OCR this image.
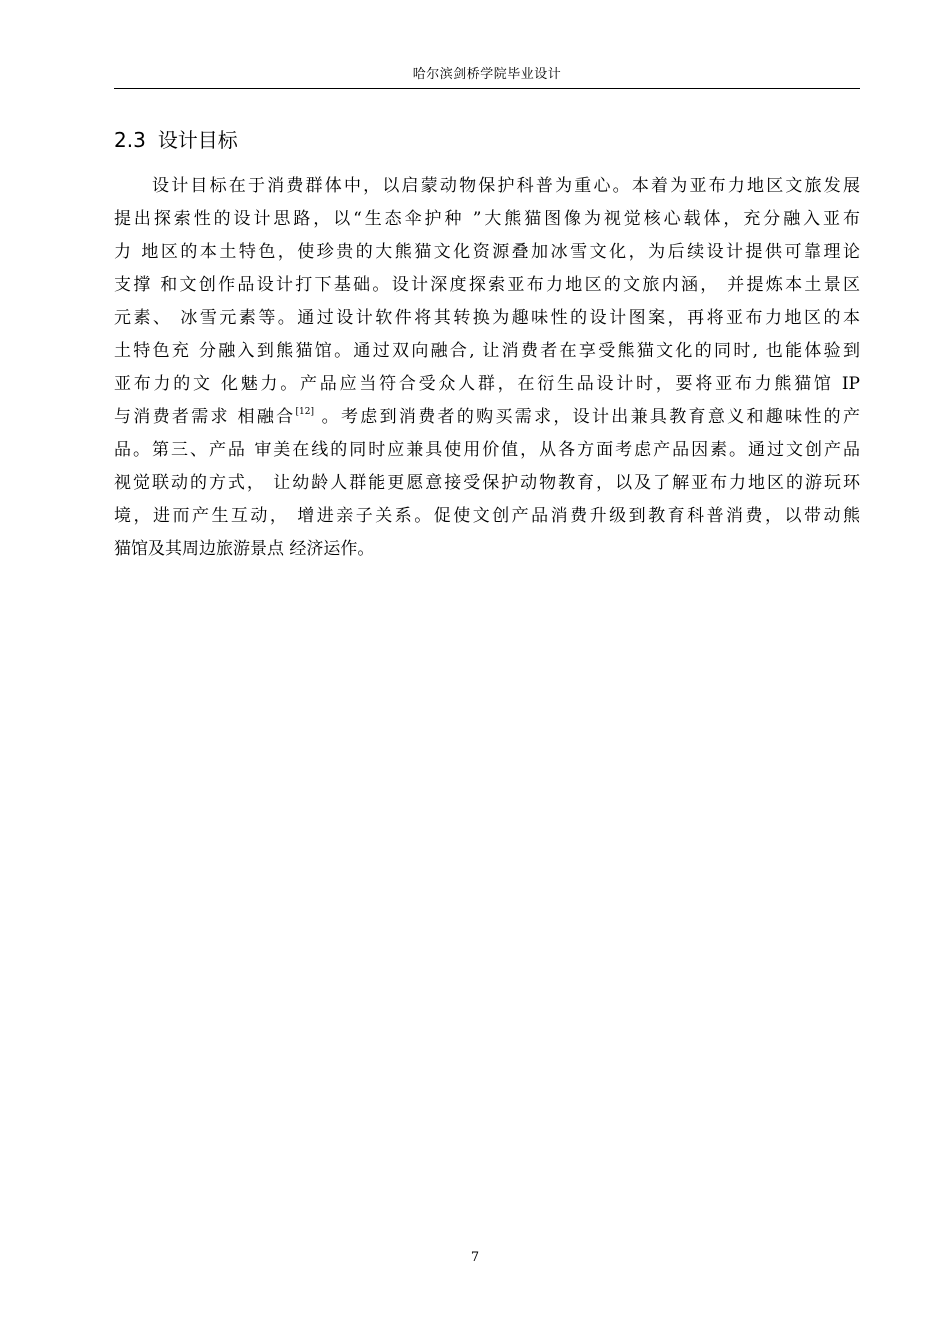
哈尔滨剑桥学院毕业设计
2.3 设计目标
设计目标在于消费群体中，以启蒙动物保护科普为重心。本着为亚布力地区文旅发展
提出探索性的设计思路，以“生态伞护种 ”大熊猫图像为视觉核心载体，充分融入亚布
力 地区的本土特色，使珍贵的大熊猫文化资源叠加冰雪文化，为后续设计提供可靠理论
支撑 和文创作品设计打下基础。设计深度探索亚布力地区的文旅内涵， 并提炼本土景区
元素、 冰雪元素等。通过设计软件将其转换为趣味性的设计图案，再将亚布力地区的本
土特色充 分融入到熊猫馆。通过双向融合, 让消费者在享受熊猫文化的同时, 也能体验到
亚布力的文 化魅力。产品应当符合受众人群，在衍生品设计时，要将亚布力熊猫馆 IP
与消费者需求 相融合[12] 。考虑到消费者的购买需求，设计出兼具教育意义和趣味性的产
品。第三、产品 审美在线的同时应兼具使用价值，从各方面考虑产品因素。通过文创产品
视觉联动的方式， 让幼龄人群能更愿意接受保护动物教育，以及了解亚布力地区的游玩环
境，进而产生互动， 增进亲子关系。促使文创产品消费升级到教育科普消费，以带动熊
猫馆及其周边旅游景点 经济运作。
7
